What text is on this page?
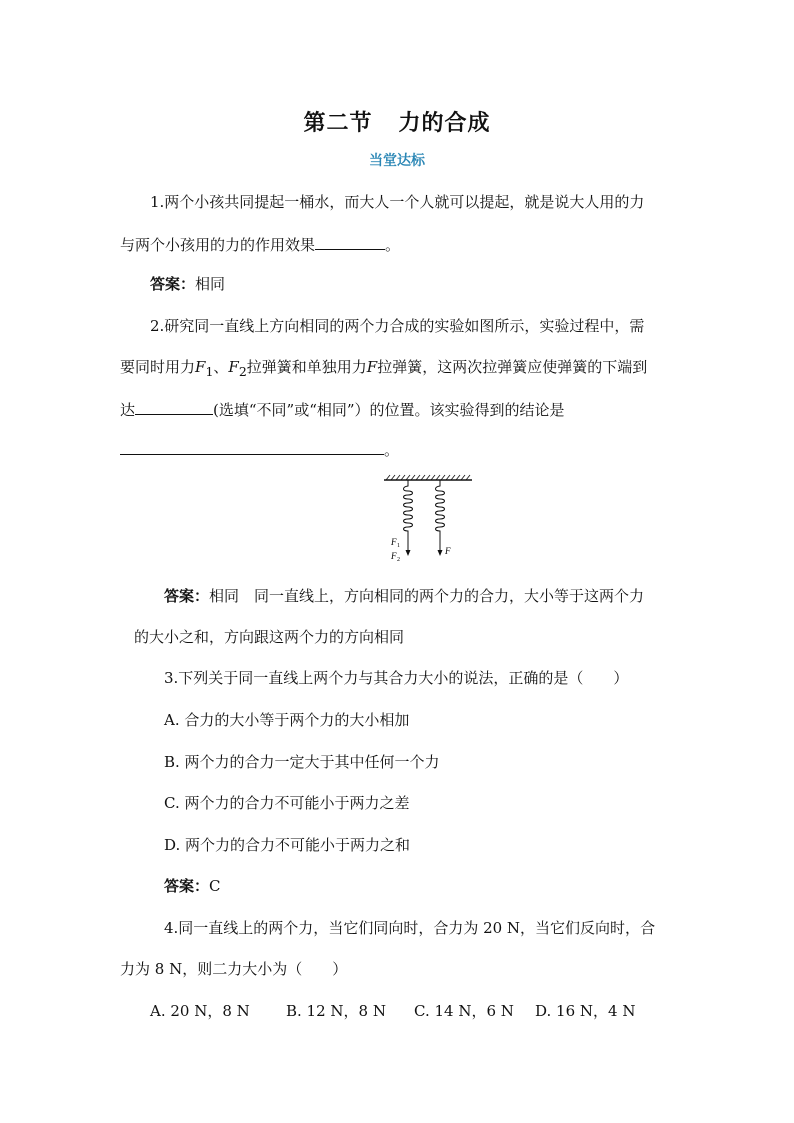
第二节 力的合成
当堂达标
1.两个小孩共同提起一桶水，而大人一个人就可以提起，就是说大人用的力
与两个小孩用的力的作用效果	。
答案：相同
2.研究同一直线上方向相同的两个力合成的实验如图所示，实验过程中，需
要同时用力$F_1$、$F_2$拉弹簧和单独用力F拉弹簧，这两次拉弹簧应使弹簧的下端到
达	(选填“不同”或“相同”）的位置。该实验得到的结论是
。
F 1
F 2
F
答案：相同　同一直线上，方向相同的两个力的合力，大小等于这两个力
的大小之和，方向跟这两个力的方向相同
3.下列关于同一直线上两个力与其合力大小的说法，正确的是（　　）
A. 合力的大小等于两个力的大小相加
B. 两个力的合力一定大于其中任何一个力
C. 两个力的合力不可能小于两力之差
D. 两个力的合力不可能小于两力之和
答案：C
4.同一直线上的两个力，当它们同向时，合力为 20 N，当它们反向时，合
力为 8 N，则二力大小为（　　）
A. 20 N，8 N B. 12 N，8 N C. 14 N，6 N D. 16 N，4 N
